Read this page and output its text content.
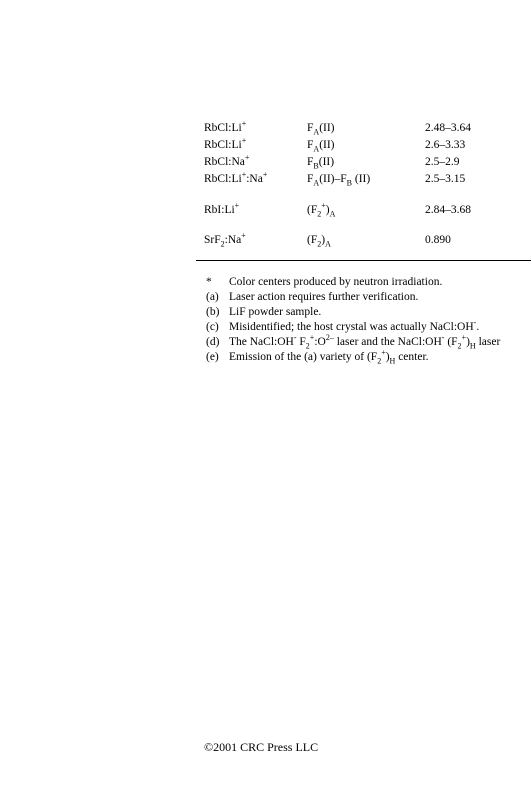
RbCl:Li+	$F_A(II)$	2.48–3.64
RbCl:Li+	$F_A(II)$	2.6–3.33
RbCl:Na+	$F_B(II)$	2.5–2.9
RbCl:Li+:Na+	$F_A(II)-F_B$ (II)	2.5–3.15
RbI:Li+	$(F_2^+)_A$	2.84–3.68
SrF$_2$:Na+	$(F_2)_A$	0.890
* Color centers produced by neutron irradiation.
(a) Laser action requires further verification.
(b) LiF powder sample.
(c) Misidentified; the host crystal was actually NaCl:OH-.
(d) The NaCl:OH- $F_2^+:O^{2-}$ laser and the NaCl:OH- $(F_2^+)_H$ laser
(e) Emission of the (a) variety of $(F_2^+)_H$ center.
©2001 CRC Press LLC
